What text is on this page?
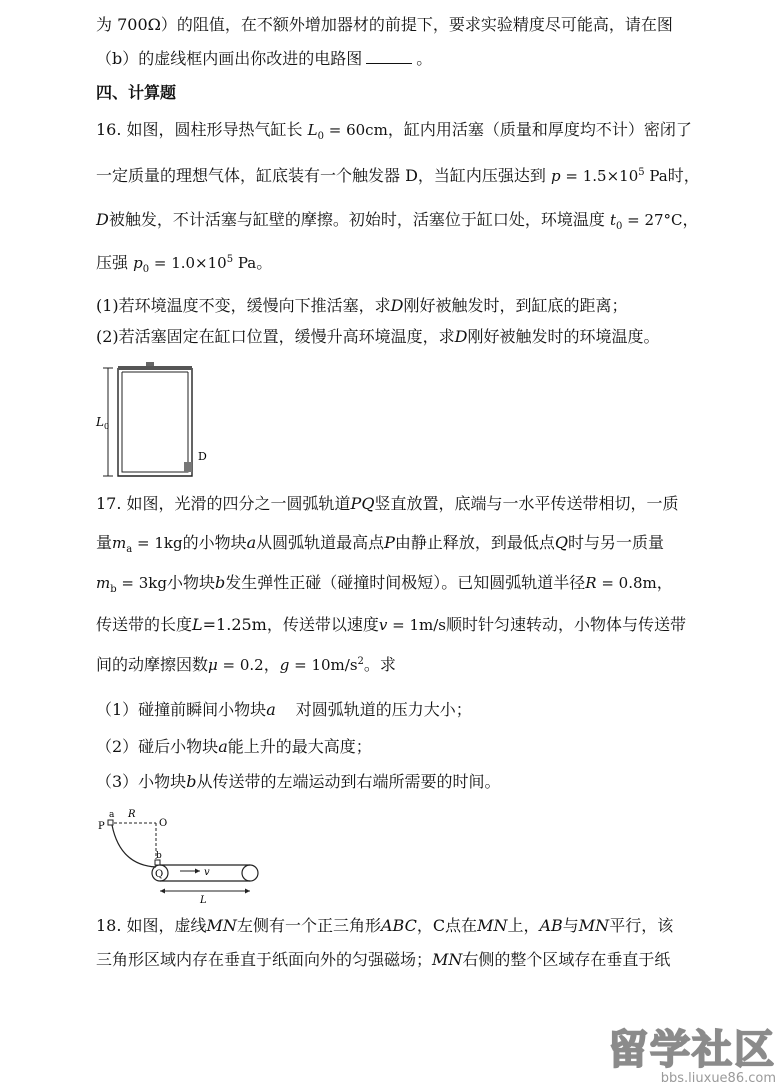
为 700Ω）的阻值，在不额外增加器材的前提下，要求实验精度尽可能高，请在图
（b）的虚线框内画出你改进的电路图	。
四、计算题
16. 如图，圆柱形导热气缸长 $L_0 = 60cm$，缸内用活塞（质量和厚度均不计）密闭了
一定质量的理想气体，缸底装有一个触发器 D，当缸内压强达到 $p = 1.5\times 10^5$ Pa时，
D被触发，不计活塞与缸壁的摩擦。初始时，活塞位于缸口处，环境温度 $t_0 = 27^\circ C$，
压强 $p_0 = 1.0\times 10^5$ Pa。
(1)若环境温度不变，缓慢向下推活塞，求D刚好被触发时，到缸底的距离；
(2)若活塞固定在缸口位置，缓慢升高环境温度，求D刚好被触发时的环境温度。
$L_0$
D
17. 如图，光滑的四分之一圆弧轨道PQ竖直放置，底端与一水平传送带相切，一质
量$m_a = 1kg$的小物块a从圆弧轨道最高点P由静止释放，到最低点Q时与另一质量
$m_b = 3kg$小物块b发生弹性正碰（碰撞时间极短）。已知圆弧轨道半径R = 0.8m，
传送带的长度L=1.25m，传送带以速度v = 1m/s顺时针匀速转动，小物体与传送带
间的动摩擦因数μ = 0.2，$g = 10m/s^2$。求
（1）碰撞前瞬间小物块a 对圆弧轨道的压力大小；
（2）碰后小物块a能上升的最大高度；
（3）小物块b从传送带的左端运动到右端所需要的时间。
P
a R
O
b
Q	v
L
18. 如图，虚线MN左侧有一个正三角形ABC，C点在MN上，AB与MN平行，该
三角形区域内存在垂直于纸面向外的匀强磁场；MN右侧的整个区域存在垂直于纸
留学社区
bbs.liuxue86.com
